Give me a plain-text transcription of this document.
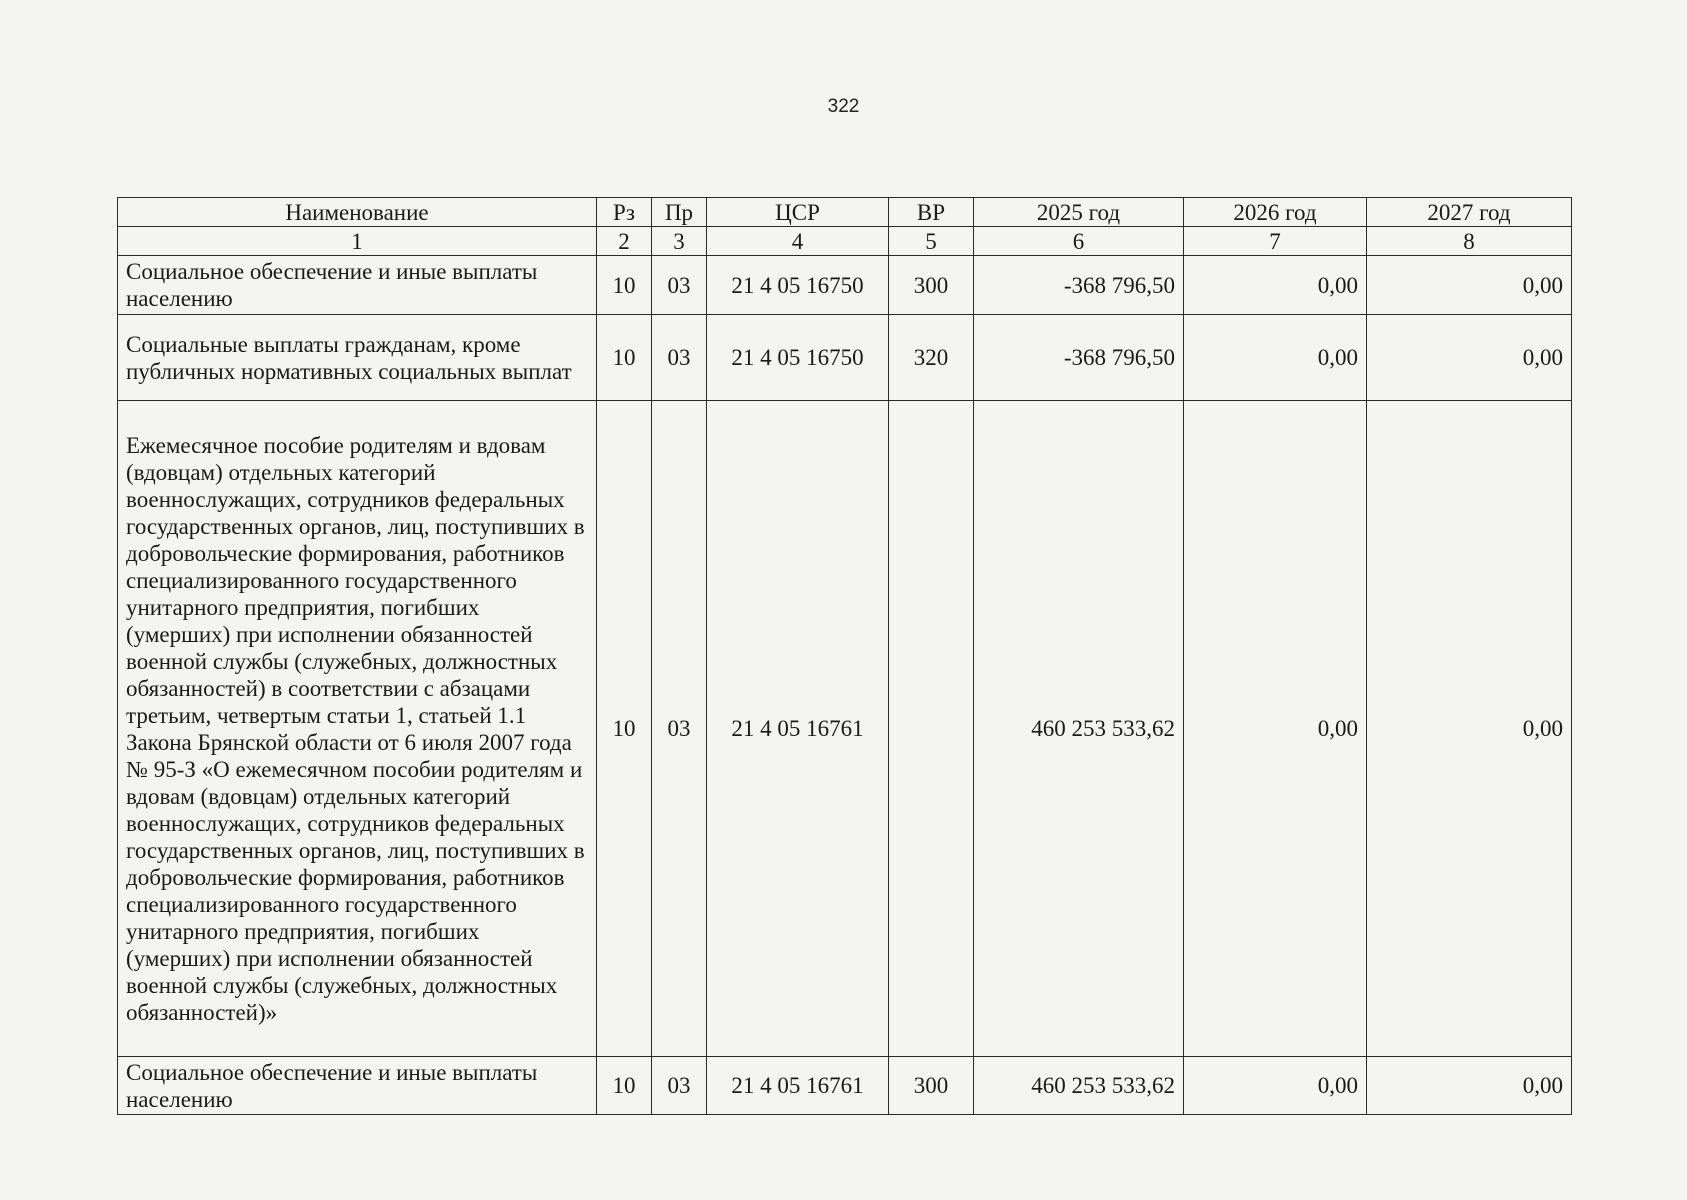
322
Наименование	Рз	Пр	ЦСР	ВР	2025 год	2026 год	2027 год
1	2	3	4	5	6	7	8
Социальное обеспечение и иные выплаты населению	10	03	21 4 05 16750	300	-368 796,50	0,00	0,00
Социальные выплаты гражданам, кроме публичных нормативных социальных выплат	10	03	21 4 05 16750	320	-368 796,50	0,00	0,00
Ежемесячное пособие родителям и вдовам (вдовцам) отдельных категорий военнослужащих, сотрудников федеральных государственных органов, лиц, поступивших в добровольческие формирования, работников специализированного государственного унитарного предприятия, погибших (умерших) при исполнении обязанностей военной службы (служебных, должностных обязанностей) в соответствии с абзацами третьим, четвертым статьи 1, статьей 1.1 Закона Брянской области от 6 июля 2007 года № 95-З «О ежемесячном пособии родителям и вдовам (вдовцам) отдельных категорий военнослужащих, сотрудников федеральных государственных органов, лиц, поступивших в добровольческие формирования, работников специализированного государственного унитарного предприятия, погибших (умерших) при исполнении обязанностей военной службы (служебных, должностных обязанностей)»	10	03	21 4 05 16761		460 253 533,62	0,00	0,00
Социальное обеспечение и иные выплаты населению	10	03	21 4 05 16761	300	460 253 533,62	0,00	0,00
